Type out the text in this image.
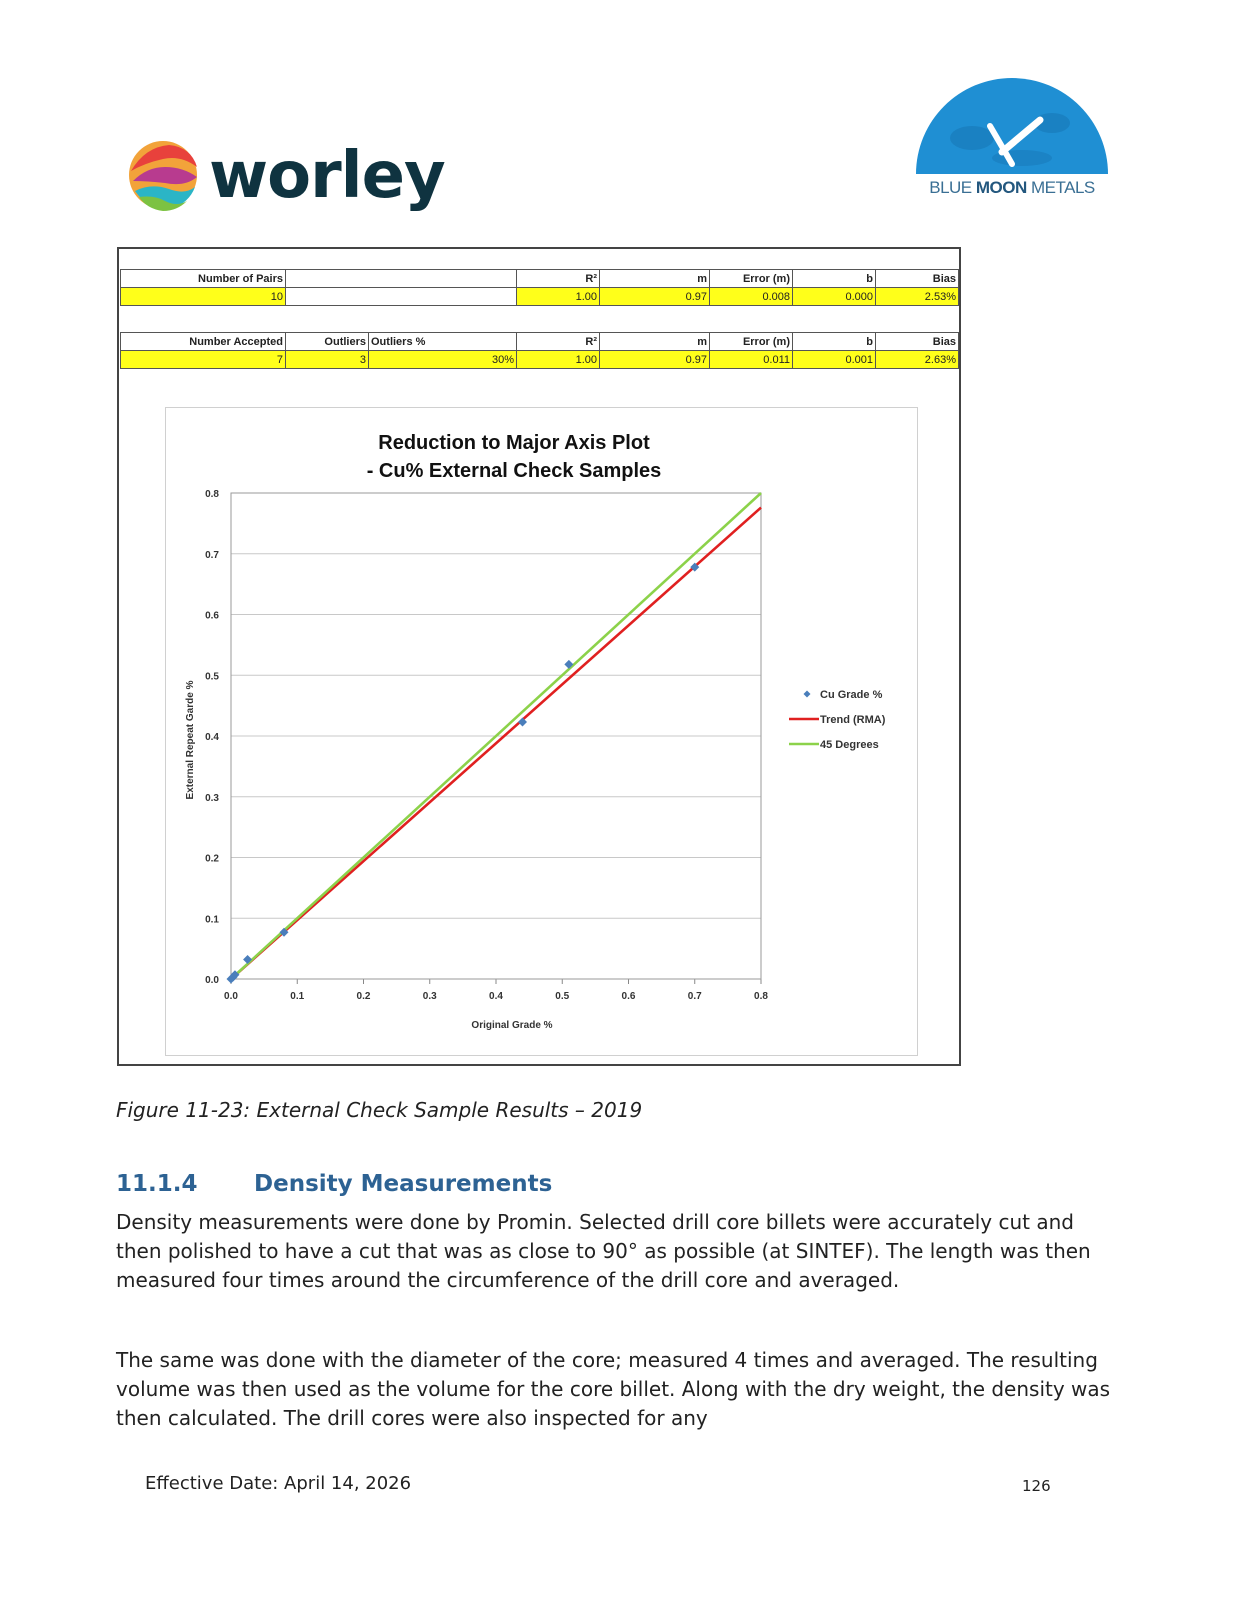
worley	BLUE MOON METALS
Number of Pairs		R²	m	Error (m)	b	Bias
10		1.00	0.97	0.008	0.000	2.53%
Number Accepted	Outliers	Outliers %	R²	m	Error (m)	b	Bias
7	3	30%	1.00	0.97	0.011	0.001	2.63%
Reduction to Major Axis Plot
- Cu% External Check Samples
0.0
0.1
0.2
0.3
0.4
0.5
0.6
0.7
0.8
0.0	0.1	0.2	0.3	0.4	0.5	0.6	0.7	0.8
Original Grade %
External Repeat Garde %	Cu Grade %
Trend (RMA)
45 Degrees
Figure 11-23: External Check Sample Results – 2019
11.1.4 Density Measurements
Density measurements were done by Promin. Selected drill core billets were accurately cut and then polished to have a cut that was as close to 90° as possible (at SINTEF). The length was then measured four times around the circumference of the drill core and averaged.
The same was done with the diameter of the core; measured 4 times and averaged. The resulting volume was then used as the volume for the core billet. Along with the dry weight, the density was then calculated. The drill cores were also inspected for any
Effective Date: April 14, 2026	126
